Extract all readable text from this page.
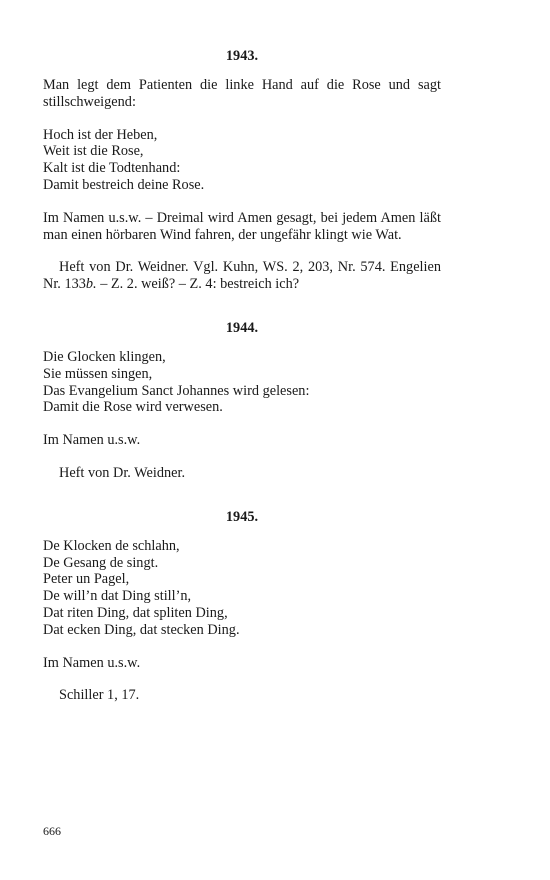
1943.

Man legt dem Patienten die linke Hand auf die Rose und sagt stillschweigend:

Hoch ist der Heben,
Weit ist die Rose,
Kalt ist die Todtenhand:
Damit bestreich deine Rose.

Im Namen u.s.w. – Dreimal wird Amen gesagt, bei jedem Amen läßt man einen hörbaren Wind fahren, der ungefähr klingt wie Wat.

Heft von Dr. Weidner. Vgl. Kuhn, WS. 2, 203, Nr. 574. Engelien Nr. 133b. – Z. 2. weiß? – Z. 4: bestreich ich?

1944.

Die Glocken klingen,
Sie müssen singen,
Das Evangelium Sanct Johannes wird gelesen:
Damit die Rose wird verwesen.

Im Namen u.s.w.

Heft von Dr. Weidner.

1945.

De Klocken de schlahn,
De Gesang de singt.
Peter un Pagel,
De will’n dat Ding still’n,
Dat riten Ding, dat spliten Ding,
Dat ecken Ding, dat stecken Ding.

Im Namen u.s.w.

Schiller 1, 17.

666
